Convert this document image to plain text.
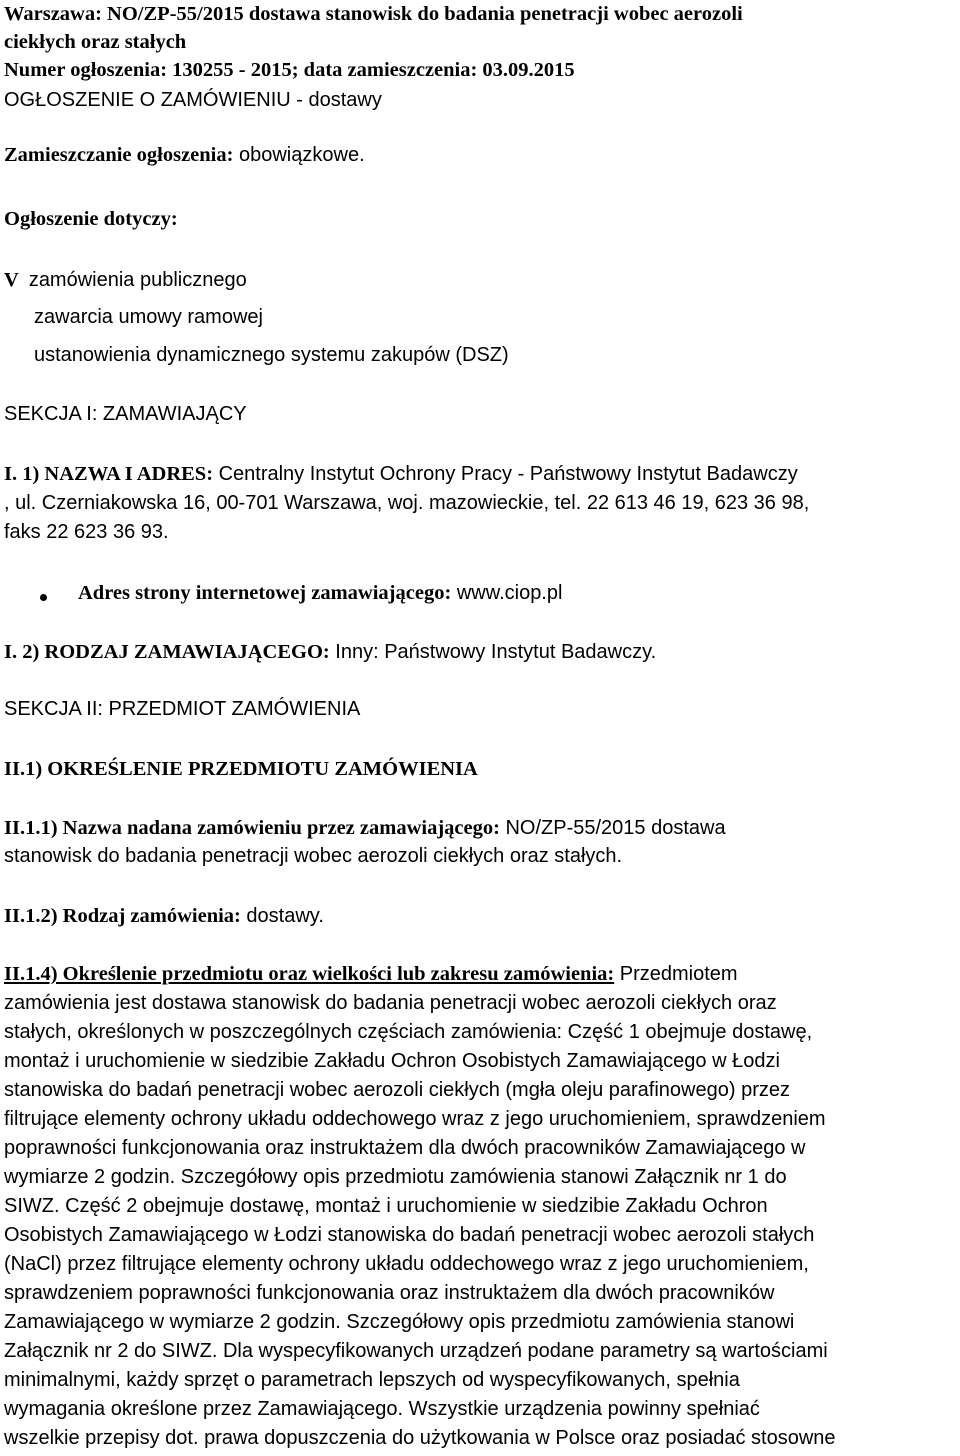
Warszawa: NO/ZP-55/2015 dostawa stanowisk do badania penetracji wobec aerozoli
ciekłych oraz stałych
Numer ogłoszenia: 130255 - 2015; data zamieszczenia: 03.09.2015
OGŁOSZENIE O ZAMÓWIENIU - dostawy
Zamieszczanie ogłoszenia: obowiązkowe.
Ogłoszenie dotyczy:
V zamówienia publicznego
zawarcia umowy ramowej
ustanowienia dynamicznego systemu zakupów (DSZ)
SEKCJA I: ZAMAWIAJĄCY
I. 1) NAZWA I ADRES: Centralny Instytut Ochrony Pracy - Państwowy Instytut Badawczy
, ul. Czerniakowska 16, 00-701 Warszawa, woj. mazowieckie, tel. 22 613 46 19, 623 36 98,
faks 22 623 36 93.
Adres strony internetowej zamawiającego: www.ciop.pl
I. 2) RODZAJ ZAMAWIAJĄCEGO: Inny: Państwowy Instytut Badawczy.
SEKCJA II: PRZEDMIOT ZAMÓWIENIA
II.1) OKREŚLENIE PRZEDMIOTU ZAMÓWIENIA
II.1.1) Nazwa nadana zamówieniu przez zamawiającego: NO/ZP-55/2015 dostawa
stanowisk do badania penetracji wobec aerozoli ciekłych oraz stałych.
II.1.2) Rodzaj zamówienia: dostawy.
II.1.4) Określenie przedmiotu oraz wielkości lub zakresu zamówienia: Przedmiotem
zamówienia jest dostawa stanowisk do badania penetracji wobec aerozoli ciekłych oraz
stałych, określonych w poszczególnych częściach zamówienia: Część 1 obejmuje dostawę,
montaż i uruchomienie w siedzibie Zakładu Ochron Osobistych Zamawiającego w Łodzi
stanowiska do badań penetracji wobec aerozoli ciekłych (mgła oleju parafinowego) przez
filtrujące elementy ochrony układu oddechowego wraz z jego uruchomieniem, sprawdzeniem
poprawności funkcjonowania oraz instruktażem dla dwóch pracowników Zamawiającego w
wymiarze 2 godzin. Szczegółowy opis przedmiotu zamówienia stanowi Załącznik nr 1 do
SIWZ. Część 2 obejmuje dostawę, montaż i uruchomienie w siedzibie Zakładu Ochron
Osobistych Zamawiającego w Łodzi stanowiska do badań penetracji wobec aerozoli stałych
(NaCl) przez filtrujące elementy ochrony układu oddechowego wraz z jego uruchomieniem,
sprawdzeniem poprawności funkcjonowania oraz instruktażem dla dwóch pracowników
Zamawiającego w wymiarze 2 godzin. Szczegółowy opis przedmiotu zamówienia stanowi
Załącznik nr 2 do SIWZ. Dla wyspecyfikowanych urządzeń podane parametry są wartościami
minimalnymi, każdy sprzęt o parametrach lepszych od wyspecyfikowanych, spełnia
wymagania określone przez Zamawiającego. Wszystkie urządzenia powinny spełniać
wszelkie przepisy dot. prawa dopuszczenia do użytkowania w Polsce oraz posiadać stosowne
